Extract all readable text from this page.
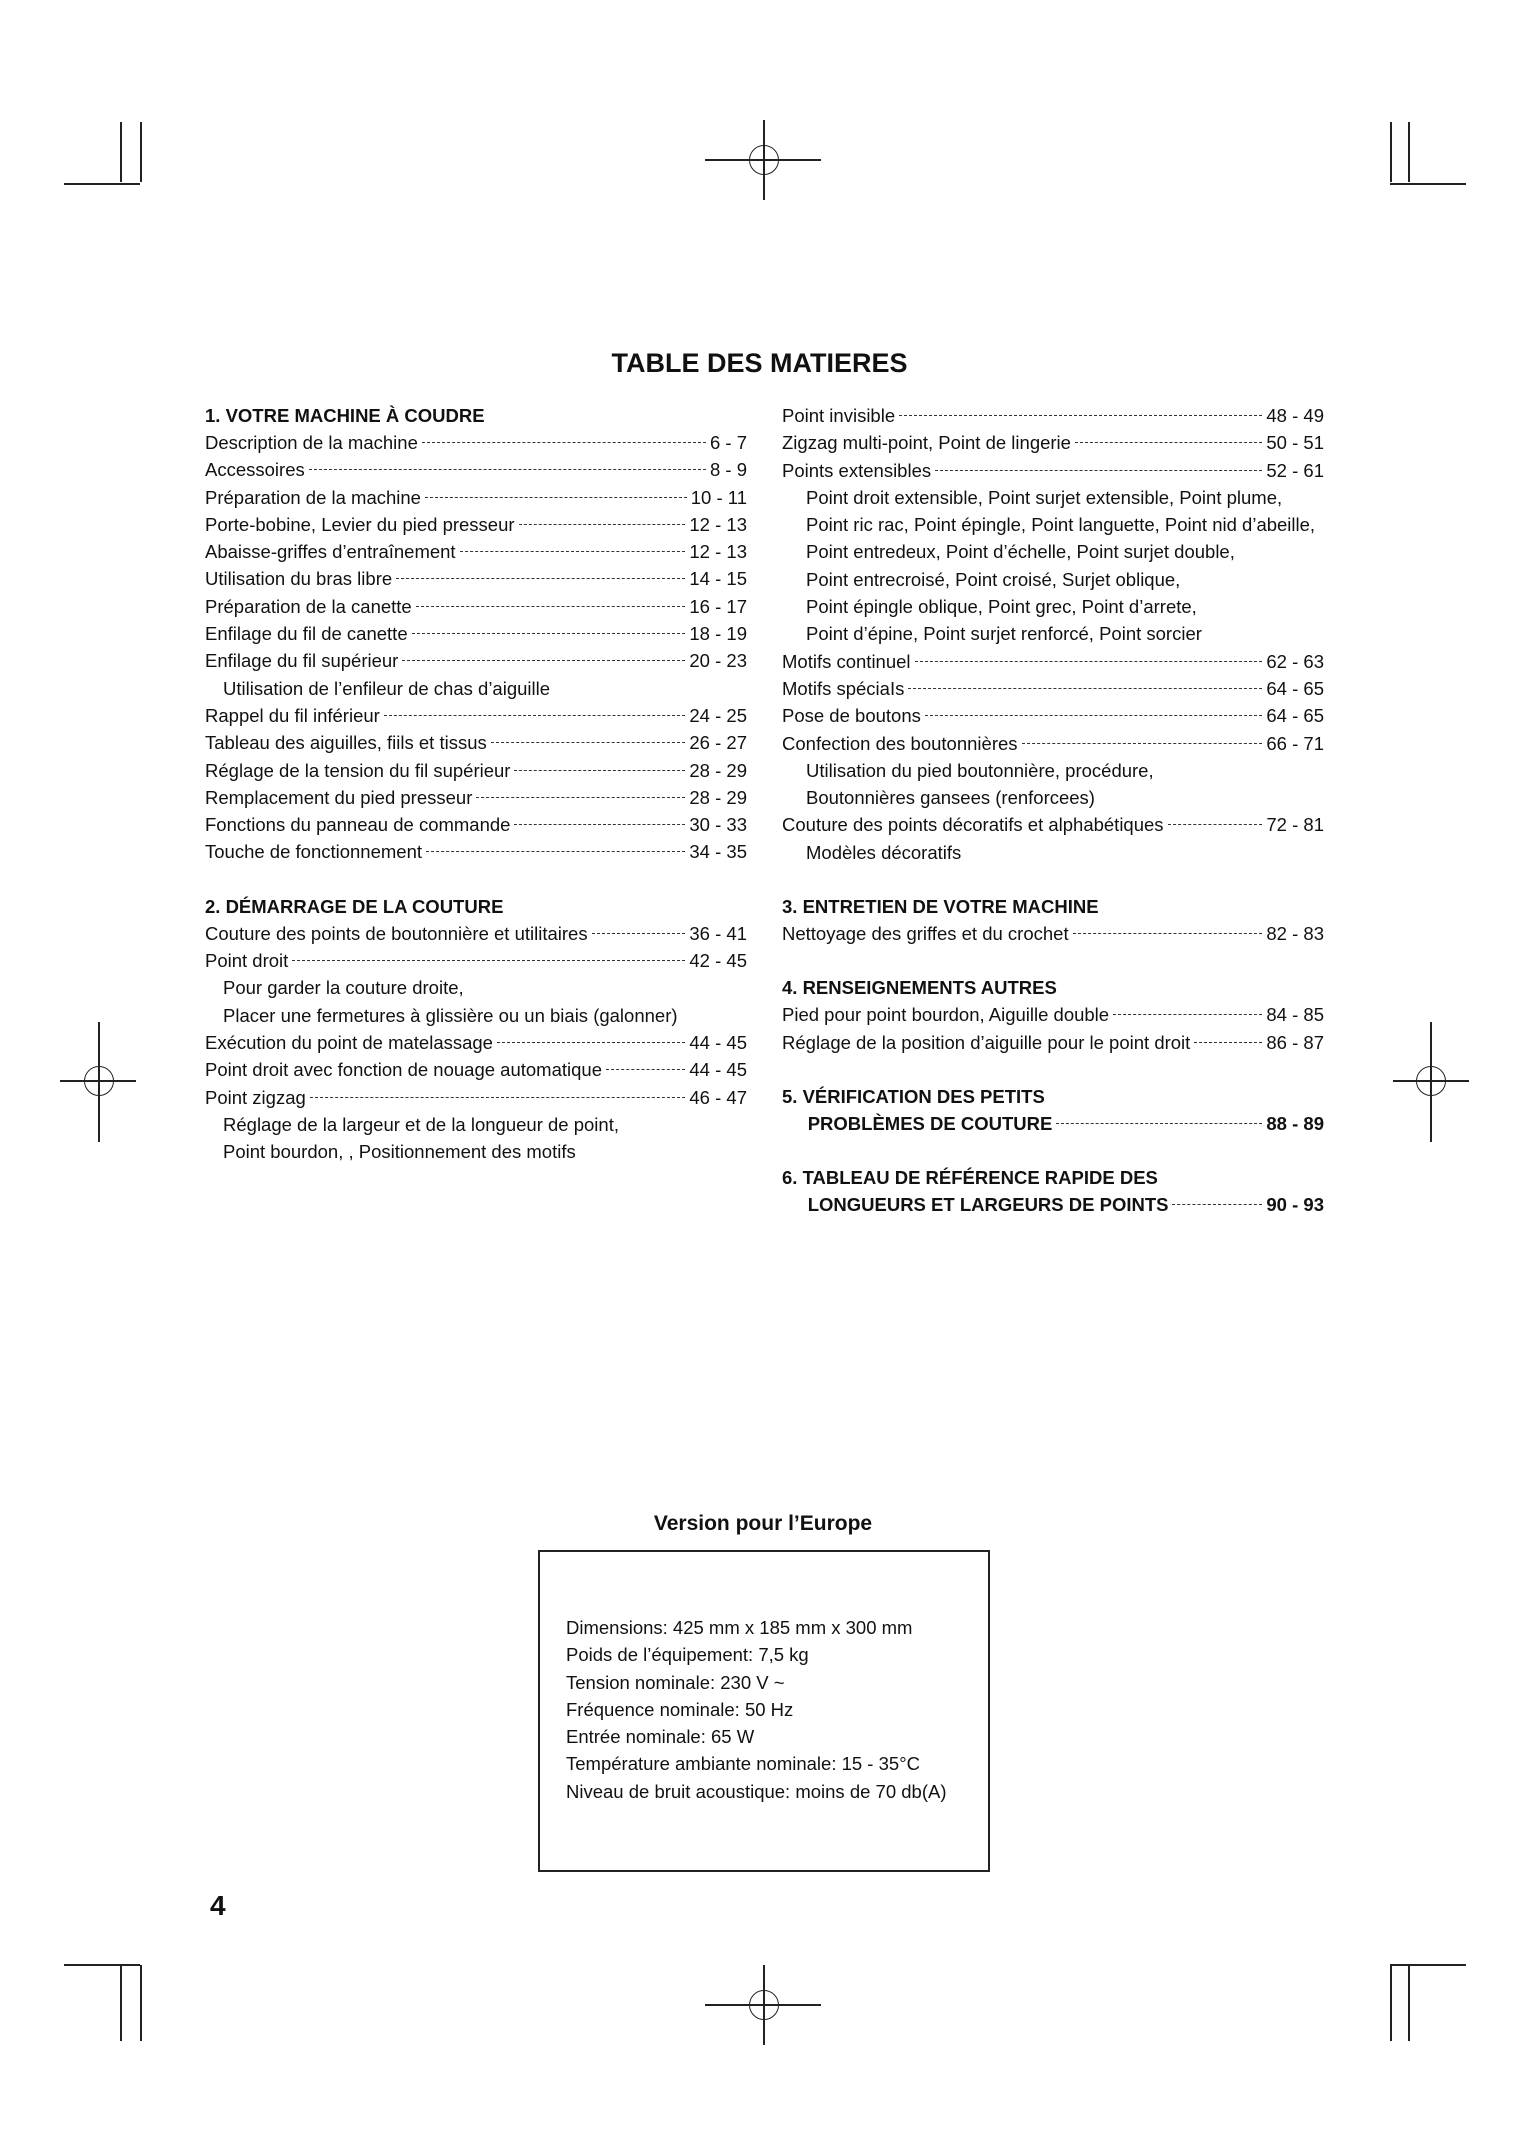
TABLE DES MATIERES
1. VOTRE MACHINE À COUDRE
Description de la machine	6 - 7
Accessoires	8 - 9
Préparation de la machine	10 - 11
Porte-bobine, Levier du pied presseur	12 - 13
Abaisse-griffes d’entraînement	12 - 13
Utilisation du bras libre	14 - 15
Préparation de la canette	16 - 17
Enfilage du fil de canette	18 - 19
Enfilage du fil supérieur	20 - 23
Utilisation de l’enfileur de chas d’aiguille
Rappel du fil inférieur	24 - 25
Tableau des aiguilles, fiils et tissus	26 - 27
Réglage de la tension du fil supérieur	28 - 29
Remplacement du pied presseur	28 - 29
Fonctions du panneau de commande	30 - 33
Touche de fonctionnement	34 - 35
2. DÉMARRAGE DE LA COUTURE
Couture des points de boutonnière et utilitaires	36 - 41
Point droit	42 - 45
Pour garder la couture droite,
Placer une fermetures à glissière ou un biais (galonner)
Exécution du point de matelassage	44 - 45
Point droit avec fonction de nouage automatique	44 - 45
Point zigzag	46 - 47
Réglage de la largeur et de la longueur de point,
Point bourdon, , Positionnement des motifs
Point invisible	48 - 49
Zigzag multi-point, Point de lingerie	50 - 51
Points extensibles	52 - 61
Point droit extensible, Point surjet extensible, Point plume,
Point ric rac, Point épingle, Point languette, Point nid d’abeille,
Point entredeux, Point d’échelle, Point surjet double,
Point entrecroisé, Point croisé, Surjet oblique,
Point épingle oblique, Point grec, Point d’arrete,
Point d’épine, Point surjet renforcé, Point sorcier
Motifs continuel	62 - 63
Motifs spéciaIs	64 - 65
Pose de boutons	64 - 65
Confection des boutonnières	66 - 71
Utilisation du pied boutonnière, procédure,
Boutonnières gansees (renforcees)
Couture des points décoratifs et alphabétiques	72 - 81
Modèles décoratifs
3. ENTRETIEN DE VOTRE MACHINE
Nettoyage des griffes et du crochet	82 - 83
4. RENSEIGNEMENTS AUTRES
Pied pour point bourdon, Aiguille double	84 - 85
Réglage de la position d’aiguille pour le point droit	86 - 87
5. VÉRIFICATION DES PETITS
PROBLÈMES DE COUTURE	88 - 89
6. TABLEAU DE RÉFÉRENCE RAPIDE DES
LONGUEURS ET LARGEURS DE POINTS	90 - 93
Version pour l’Europe
Dimensions: 425 mm x 185 mm x 300 mm
Poids de l’équipement: 7,5 kg
Tension nominale: 230 V ~
Fréquence nominale: 50 Hz
Entrée nominale: 65 W
Température ambiante nominale: 15 - 35°C
Niveau de bruit acoustique: moins de 70 db(A)
4
